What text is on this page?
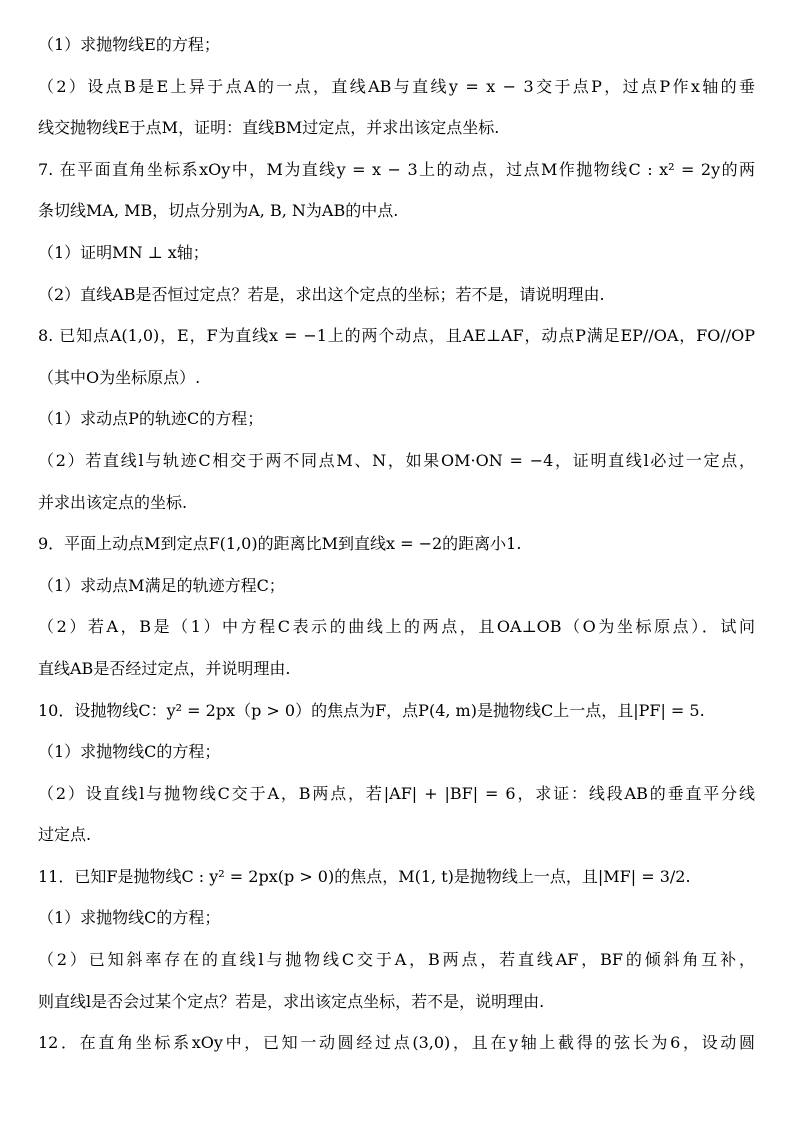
（1）求抛物线E的方程；
（2）设点B是E上异于点A的一点，直线AB与直线y = x − 3交于点P，过点P作x轴的垂
线交抛物线E于点M，证明：直线BM过定点，并求出该定点坐标.
7. 在平面直角坐标系xOy中，M为直线y = x − 3上的动点，过点M作抛物线C : x² = 2y的两
条切线MA, MB，切点分别为A, B, N为AB的中点.
（1）证明MN ⊥ x轴；
（2）直线AB是否恒过定点？若是，求出这个定点的坐标；若不是，请说明理由.
8. 已知点A(1,0)，E，F为直线x = −1上的两个动点，且AE⊥AF，动点P满足EP//OA，FO//OP
（其中O为坐标原点）.
（1）求动点P的轨迹C的方程；
（2）若直线l与轨迹C相交于两不同点M、N，如果OM·ON = −4，证明直线l必过一定点，
并求出该定点的坐标.
9．平面上动点M到定点F(1,0)的距离比M到直线x = −2的距离小1.
（1）求动点M满足的轨迹方程C；
（2）若A，B是（1）中方程C表示的曲线上的两点，且OA⊥OB（O为坐标原点）．试问
直线AB是否经过定点，并说明理由.
10．设抛物线C：y² = 2px（p > 0）的焦点为F，点P(4, m)是抛物线C上一点，且|PF| = 5.
（1）求抛物线C的方程；
（2）设直线l与抛物线C交于A，B两点，若|AF| + |BF| = 6，求证：线段AB的垂直平分线
过定点.
11．已知F是抛物线C : y² = 2px(p > 0)的焦点，M(1, t)是抛物线上一点，且|MF| = 3/2.
（1）求抛物线C的方程；
（2）已知斜率存在的直线l与抛物线C交于A，B两点，若直线AF，BF的倾斜角互补，
则直线l是否会过某个定点？若是，求出该定点坐标，若不是，说明理由.
12．在直角坐标系xOy中，已知一动圆经过点(3,0)，且在y轴上截得的弦长为6，设动圆
